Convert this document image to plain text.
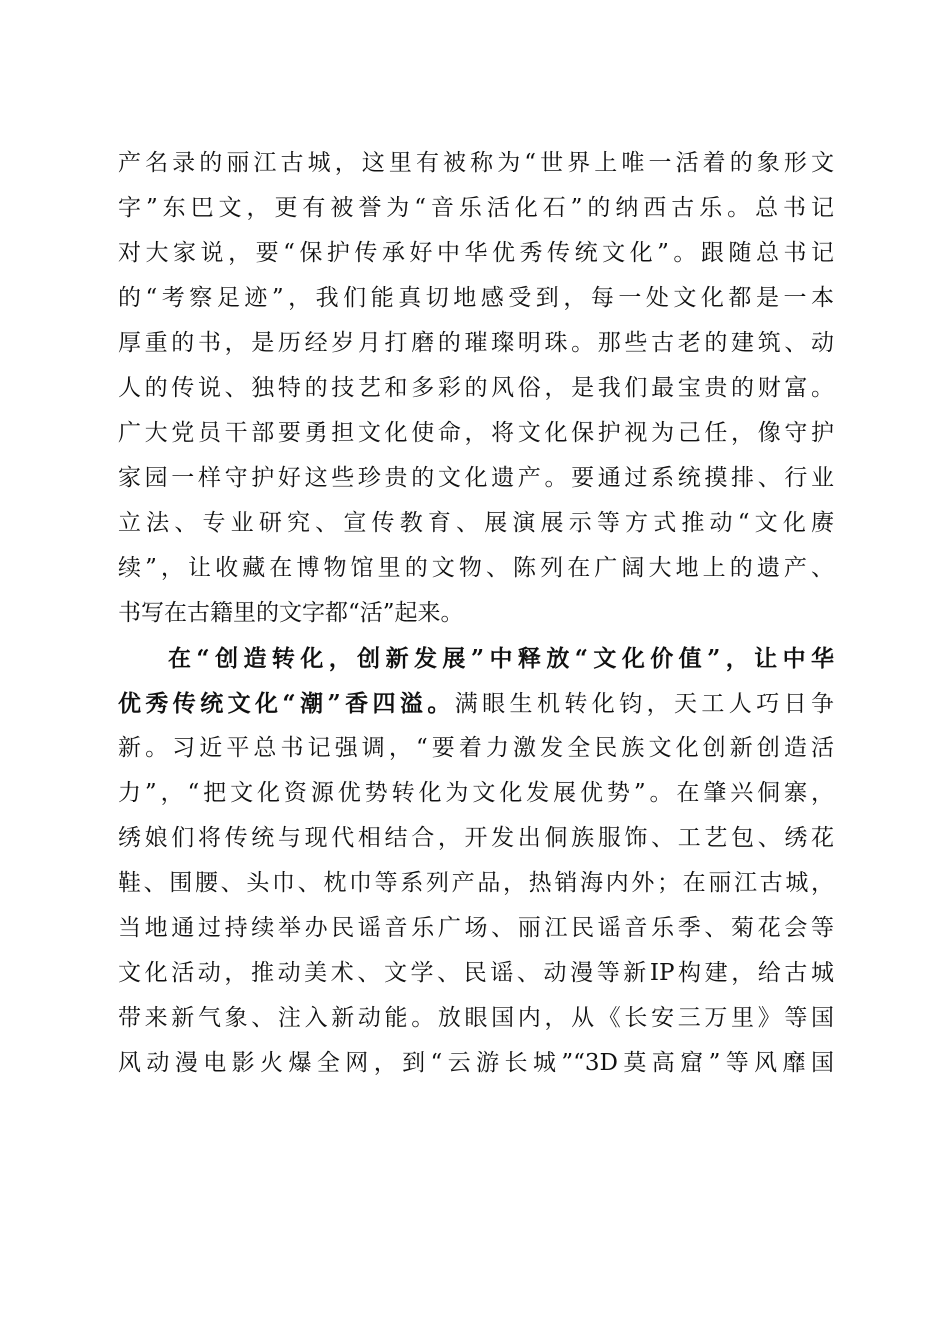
产名录的丽江古城，这里有被称为“世界上唯一活着的象形文
字”东巴文，更有被誉为“音乐活化石”的纳西古乐。总书记
对大家说，要“保护传承好中华优秀传统文化”。跟随总书记
的“考察足迹”，我们能真切地感受到，每一处文化都是一本
厚重的书，是历经岁月打磨的璀璨明珠。那些古老的建筑、动
人的传说、独特的技艺和多彩的风俗，是我们最宝贵的财富。
广大党员干部要勇担文化使命，将文化保护视为己任，像守护
家园一样守护好这些珍贵的文化遗产。要通过系统摸排、行业
立法、专业研究、宣传教育、展演展示等方式推动“文化赓
续”，让收藏在博物馆里的文物、陈列在广阔大地上的遗产、
书写在古籍里的文字都“活”起来。
在“创造转化，创新发展”中释放“文化价值”，让中华
优秀传统文化“潮”香四溢。满眼生机转化钧，天工人巧日争
新。习近平总书记强调，“要着力激发全民族文化创新创造活
力”，“把文化资源优势转化为文化发展优势”。在肇兴侗寨，
绣娘们将传统与现代相结合，开发出侗族服饰、工艺包、绣花
鞋、围腰、头巾、枕巾等系列产品，热销海内外；在丽江古城，
当地通过持续举办民谣音乐广场、丽江民谣音乐季、菊花会等
文化活动，推动美术、文学、民谣、动漫等新IP构建，给古城
带来新气象、注入新动能。放眼国内，从《长安三万里》等国
风动漫电影火爆全网，到“云游长城”“3D莫高窟”等风靡国
